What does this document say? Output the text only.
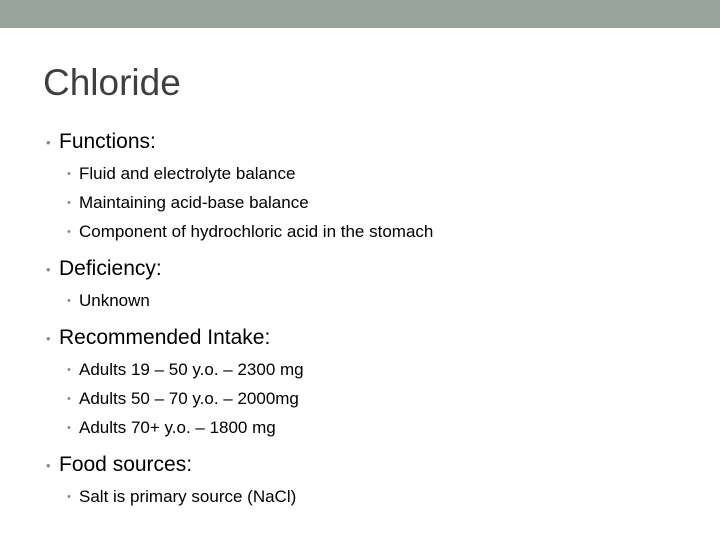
Chloride
• Functions:
• Fluid and electrolyte balance
• Maintaining acid-base balance
• Component of hydrochloric acid in the stomach
• Deficiency:
• Unknown
• Recommended Intake:
• Adults 19 – 50 y.o. – 2300 mg
• Adults 50 – 70 y.o. – 2000mg
• Adults 70+ y.o. – 1800 mg
• Food sources:
• Salt is primary source (NaCl)
